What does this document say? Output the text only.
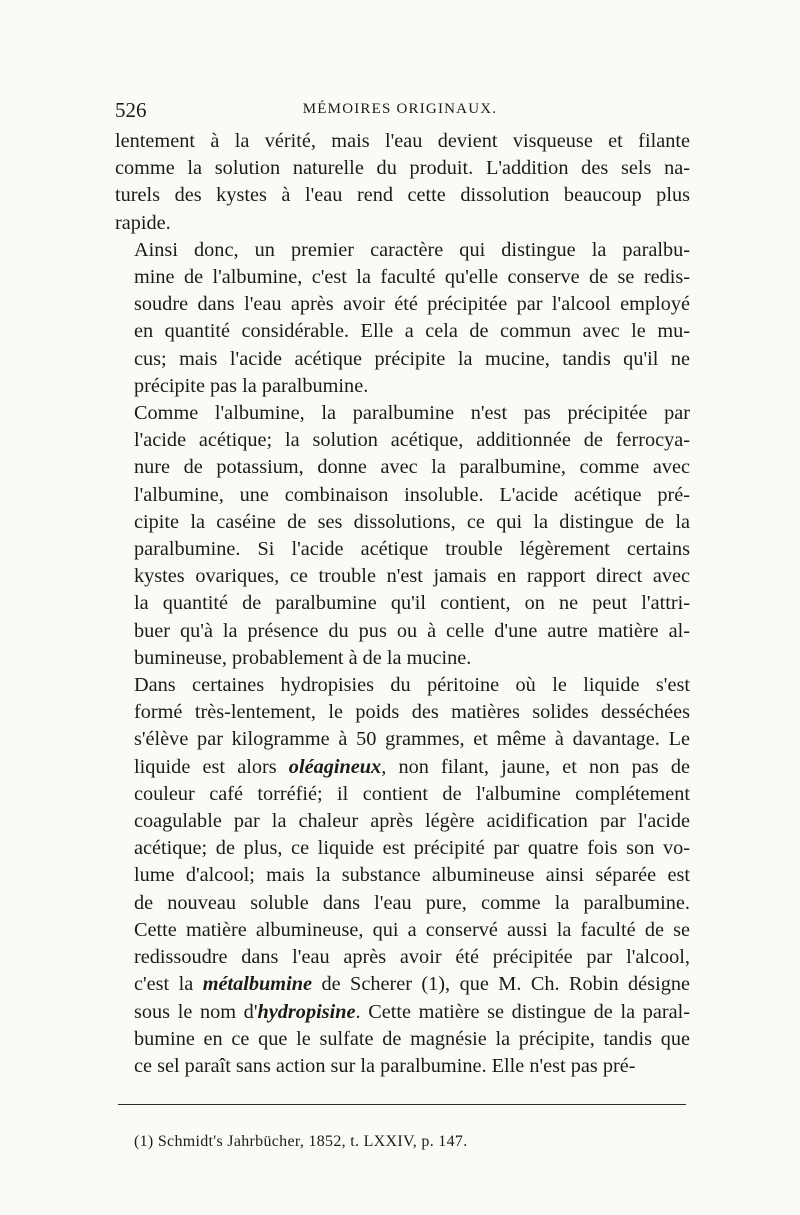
526	MÉMOIRES ORIGINAUX.

lentement à la vérité, mais l'eau devient visqueuse et filante
comme la solution naturelle du produit. L'addition des sels na-
turels des kystes à l'eau rend cette dissolution beaucoup plus
rapide.

Ainsi donc, un premier caractère qui distingue la paralbu-
mine de l'albumine, c'est la faculté qu'elle conserve de se redis-
soudre dans l'eau après avoir été précipitée par l'alcool employé
en quantité considérable. Elle a cela de commun avec le mu-
cus; mais l'acide acétique précipite la mucine, tandis qu'il ne
précipite pas la paralbumine.

Comme l'albumine, la paralbumine n'est pas précipitée par
l'acide acétique; la solution acétique, additionnée de ferrocya-
nure de potassium, donne avec la paralbumine, comme avec
l'albumine, une combinaison insoluble. L'acide acétique pré-
cipite la caséine de ses dissolutions, ce qui la distingue de la
paralbumine. Si l'acide acétique trouble légèrement certains
kystes ovariques, ce trouble n'est jamais en rapport direct avec
la quantité de paralbumine qu'il contient, on ne peut l'attri-
buer qu'à la présence du pus ou à celle d'une autre matière al-
bumineuse, probablement à de la mucine.

Dans certaines hydropisies du péritoine où le liquide s'est
formé très-lentement, le poids des matières solides desséchées
s'élève par kilogramme à 50 grammes, et même à davantage. Le
liquide est alors oléagineux, non filant, jaune, et non pas de
couleur café torréfié; il contient de l'albumine complétement
coagulable par la chaleur après légère acidification par l'acide
acétique; de plus, ce liquide est précipité par quatre fois son vo-
lume d'alcool; mais la substance albumineuse ainsi séparée est
de nouveau soluble dans l'eau pure, comme la paralbumine.
Cette matière albumineuse, qui a conservé aussi la faculté de se
redissoudre dans l'eau après avoir été précipitée par l'alcool,
c'est la métalbumine de Scherer (1), que M. Ch. Robin désigne
sous le nom d'hydropisine. Cette matière se distingue de la paral-
bumine en ce que le sulfate de magnésie la précipite, tandis que
ce sel paraît sans action sur la paralbumine. Elle n'est pas pré-

(1) Schmidt's Jahrbücher, 1852, t. LXXIV, p. 147.
